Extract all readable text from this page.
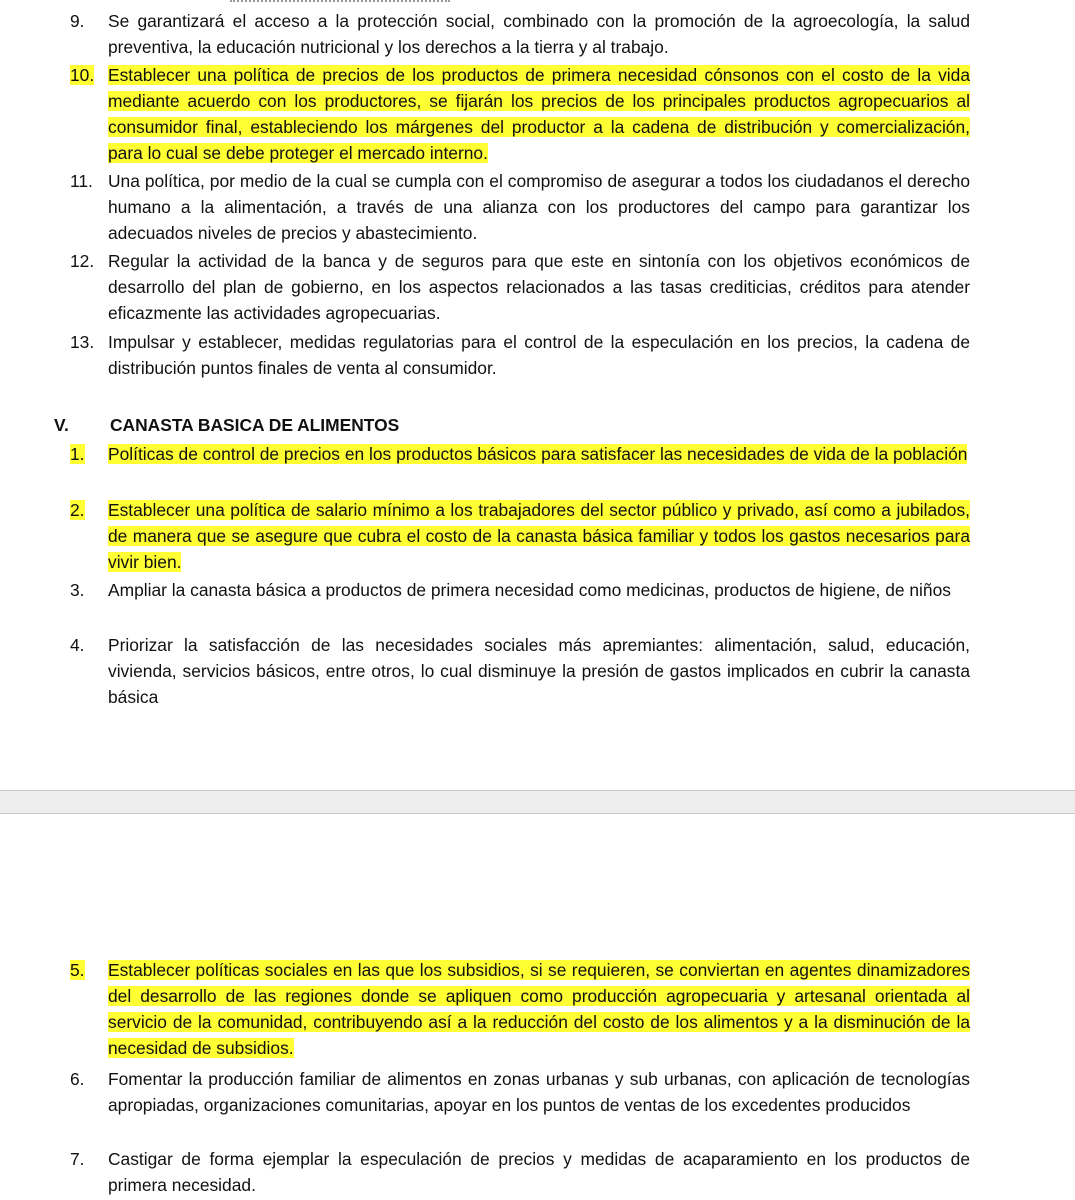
9.	Se garantizará el acceso a la protección social, combinado con la promoción de la agroecología, la salud preventiva, la educación nutricional y los derechos a la tierra y al trabajo.
10. Establecer una política de precios de los productos de primera necesidad cónsonos con el costo de la vida mediante acuerdo con los productores, se fijarán los precios de los principales productos agropecuarios al consumidor final, estableciendo los márgenes del productor a la cadena de distribución y comercialización, para lo cual se debe proteger el mercado interno.
11. Una política, por medio de la cual se cumpla con el compromiso de asegurar a todos los ciudadanos el derecho humano a la alimentación, a través de una alianza con los productores del campo para garantizar los adecuados niveles de precios y abastecimiento.
12. Regular la actividad de la banca y de seguros para que este en sintonía con los objetivos económicos de desarrollo del plan de gobierno, en los aspectos relacionados a las tasas crediticias, créditos para atender eficazmente las actividades agropecuarias.
13. Impulsar y establecer, medidas regulatorias para el control de la especulación en los precios, la cadena de distribución puntos finales de venta al consumidor.
V.	CANASTA BASICA DE ALIMENTOS
1.	Políticas de control de precios en los productos básicos para satisfacer las necesidades de vida de la población
2.	Establecer una política de salario mínimo a los trabajadores del sector público y privado, así como a jubilados, de manera que se asegure que cubra el costo de la canasta básica familiar y todos los gastos necesarios para vivir bien.
3.	Ampliar la canasta básica a productos de primera necesidad como medicinas, productos de higiene, de niños
4.	Priorizar la satisfacción de las necesidades sociales más apremiantes: alimentación, salud, educación, vivienda, servicios básicos, entre otros, lo cual disminuye la presión de gastos implicados en cubrir la canasta básica
5.	Establecer políticas sociales en las que los subsidios, si se requieren, se conviertan en agentes dinamizadores del desarrollo de las regiones donde se apliquen como producción agropecuaria y artesanal orientada al servicio de la comunidad, contribuyendo así a la reducción del costo de los alimentos y a la disminución de la necesidad de subsidios.
6.	Fomentar la producción familiar de alimentos en zonas urbanas y sub urbanas, con aplicación de tecnologías apropiadas, organizaciones comunitarias, apoyar en los puntos de ventas de los excedentes producidos
7.	Castigar de forma ejemplar la especulación de precios y medidas de acaparamiento en los productos de primera necesidad.
